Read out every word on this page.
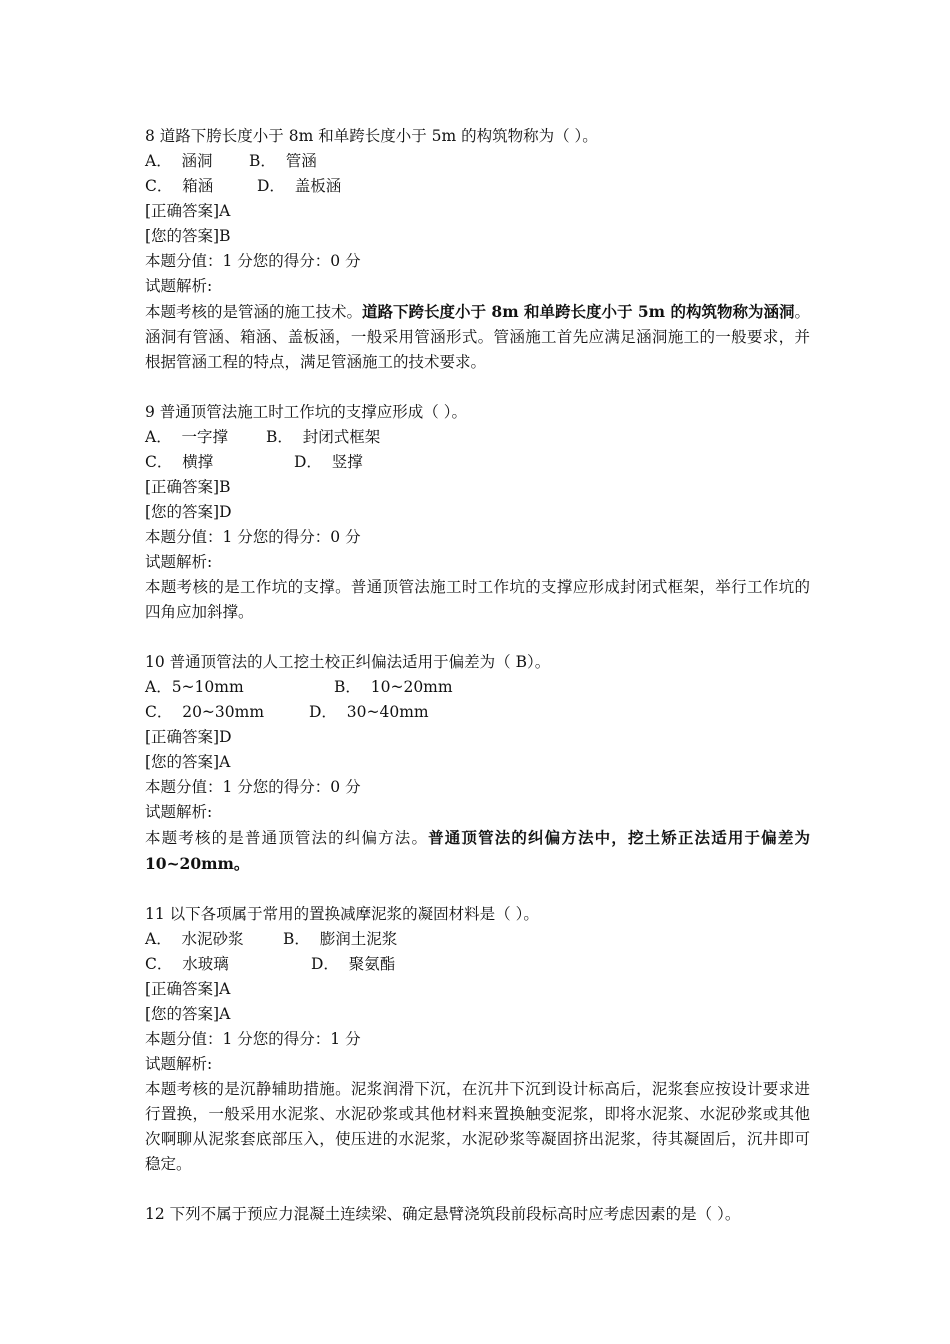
8 道路下胯长度小于 8m 和单跨长度小于 5m 的构筑物称为（ ）。
A．  涵洞 B．  管涵
C．  箱涵	D．  盖板涵
[正确答案]A
[您的答案]B
本题分值：1 分您的得分：0 分
试题解析:
本题考核的是管涵的施工技术。道路下跨长度小于 8m 和单跨长度小于 5m 的构筑物称为涵洞。涵洞有管涵、箱涵、盖板涵，一般采用管涵形式。管涵施工首先应满足涵洞施工的一般要求，并根据管涵工程的特点，满足管涵施工的技术要求。
9 普通顶管法施工时工作坑的支撑应形成（ ）。
A．  一字撑 B．  封闭式框架
C．  横撑	D．  竖撑
[正确答案]B
[您的答案]D
本题分值：1 分您的得分：0 分
试题解析:
本题考核的是工作坑的支撑。普通顶管法施工时工作坑的支撑应形成封闭式框架，举行工作坑的四角应加斜撑。
10 普通顶管法的人工挖土校正纠偏法适用于偏差为（ B）。
A．5~10mm	B．  10~20mm
C．  20~30mm	D．  30~40mm
[正确答案]D
[您的答案]A
本题分值：1 分您的得分：0 分
试题解析:
本题考核的是普通顶管法的纠偏方法。普通顶管法的纠偏方法中，挖土矫正法适用于偏差为 10~20mm。
11 以下各项属于常用的置换减摩泥浆的凝固材料是（ ）。
A．  水泥砂浆	B．  膨润土泥浆
C．  水玻璃	D．  聚氨酯
[正确答案]A
[您的答案]A
本题分值：1 分您的得分：1 分
试题解析:
本题考核的是沉静辅助措施。泥浆润滑下沉，在沉井下沉到设计标高后，泥浆套应按设计要求进行置换，一般采用水泥浆、水泥砂浆或其他材料来置换触变泥浆，即将水泥浆、水泥砂浆或其他次啊聊从泥浆套底部压入，使压进的水泥浆，水泥砂浆等凝固挤出泥浆，待其凝固后，沉井即可稳定。
12 下列不属于预应力混凝土连续梁、确定悬臂浇筑段前段标高时应考虑因素的是（ ）。
